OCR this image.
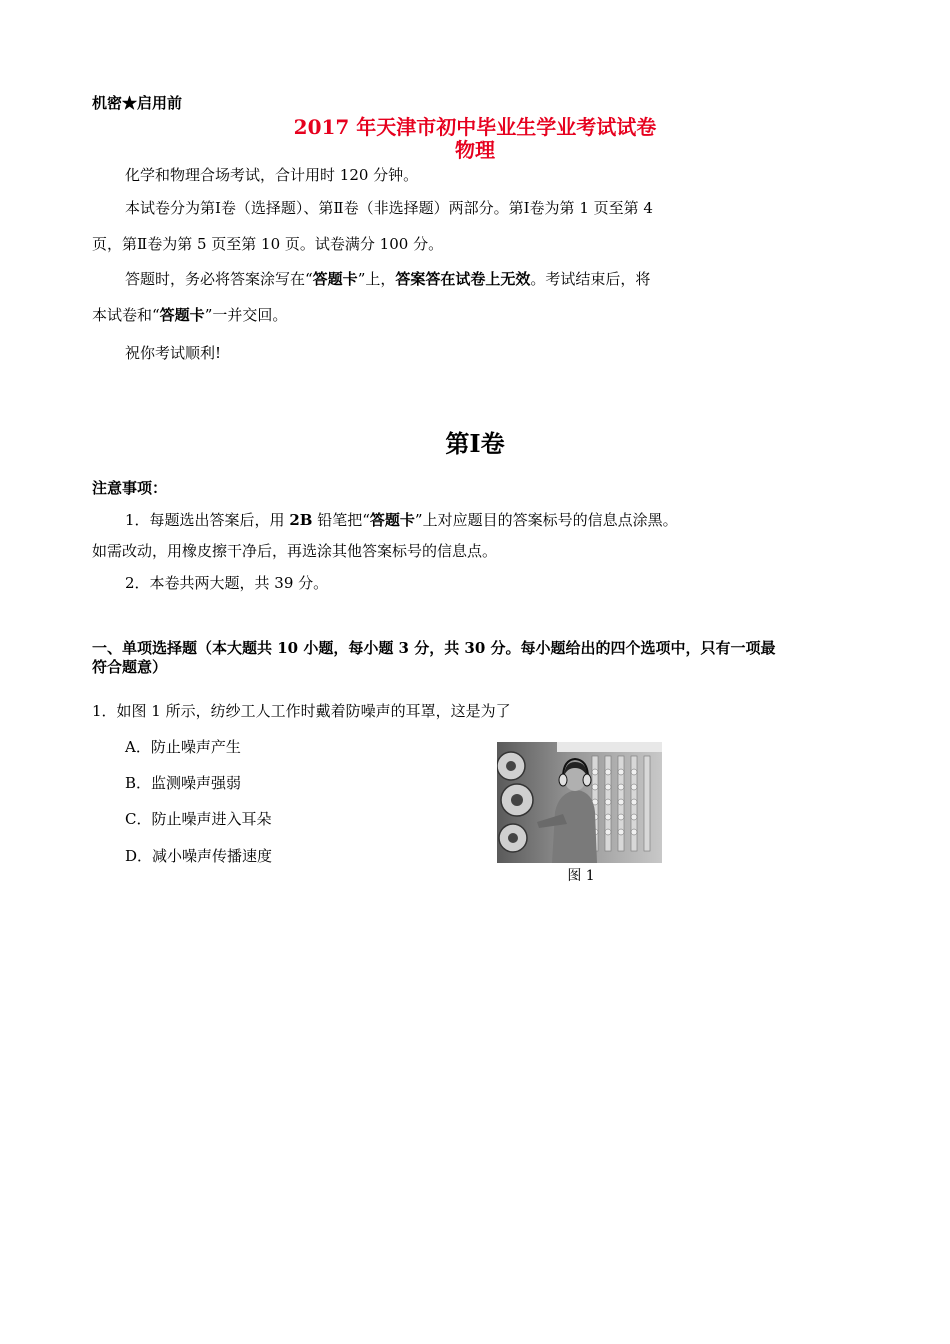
机密★启用前
2017 年天津市初中毕业生学业考试试卷
物理
化学和物理合场考试，合计用时 120 分钟。
本试卷分为第Ⅰ卷（选择题）、第Ⅱ卷（非选择题）两部分。第Ⅰ卷为第 1 页至第 4
页，第Ⅱ卷为第 5 页至第 10 页。试卷满分 100 分。
答题时，务必将答案涂写在“答题卡”上，答案答在试卷上无效。考试结束后，将
本试卷和“答题卡”一并交回。
祝你考试顺利!
第Ⅰ卷
注意事项：
1．每题选出答案后，用 2B 铅笔把“答题卡”上对应题目的答案标号的信息点涂黑。
如需改动，用橡皮擦干净后，再选涂其他答案标号的信息点。
2．本卷共两大题，共 39 分。
一、单项选择题（本大题共 10 小题，每小题 3 分，共 30 分。每小题给出的四个选项中，只有一项最
符合题意）
1．如图 1 所示，纺纱工人工作时戴着防噪声的耳罩，这是为了
A．防止噪声产生
B．监测噪声强弱
C．防止噪声进入耳朵
D．减小噪声传播速度
图 1
